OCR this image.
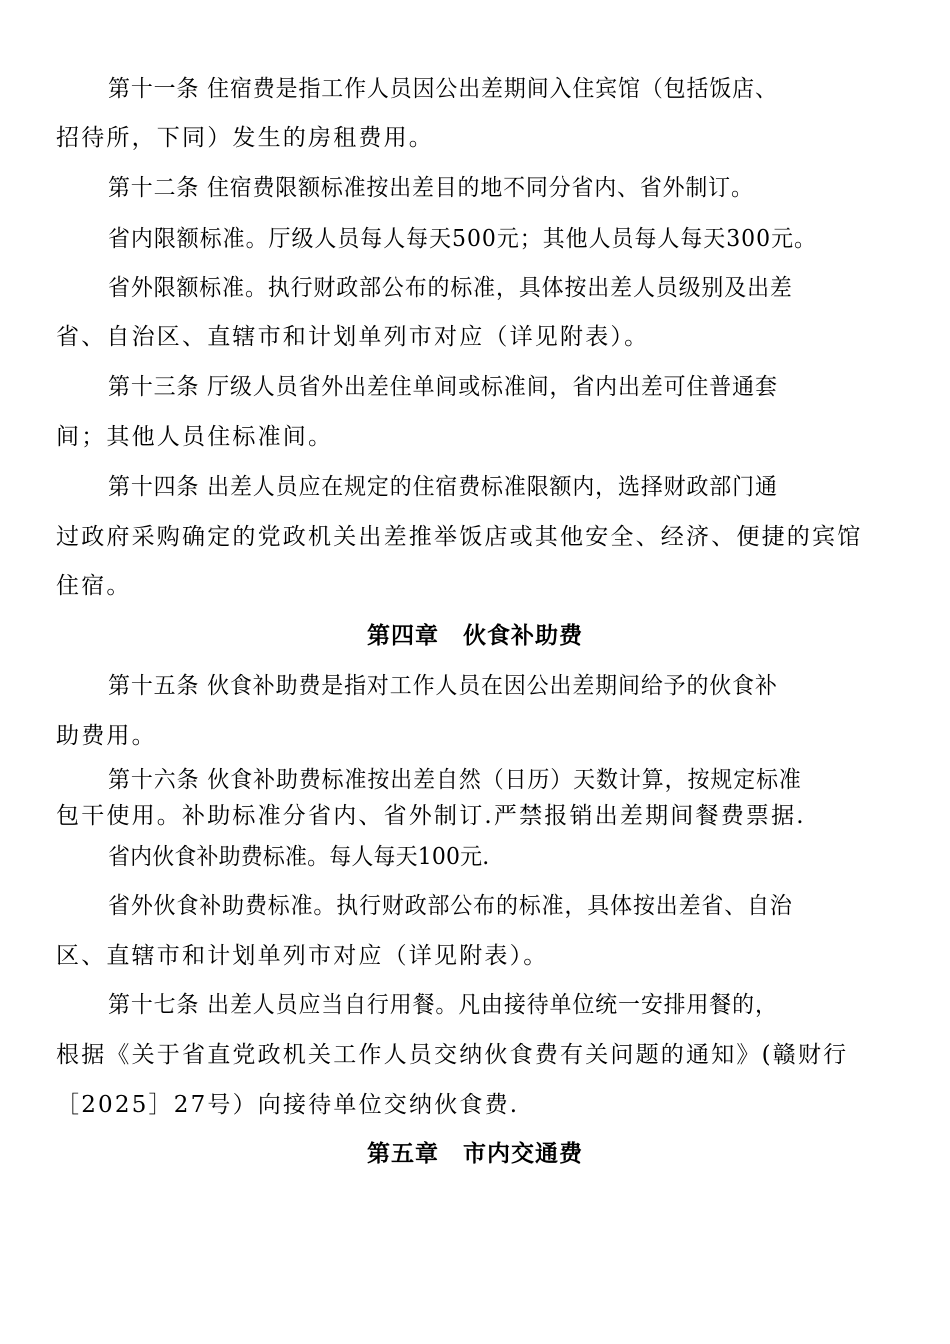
第十一条 住宿费是指工作人员因公出差期间入住宾馆（包括饭店、
招待所，下同）发生的房租费用。
第十二条 住宿费限额标准按出差目的地不同分省内、省外制订。
省内限额标准。厅级人员每人每天500元；其他人员每人每天300元。
省外限额标准。执行财政部公布的标准，具体按出差人员级别及出差
省、自治区、直辖市和计划单列市对应（详见附表）。
第十三条 厅级人员省外出差住单间或标准间，省内出差可住普通套
间；其他人员住标准间。
第十四条 出差人员应在规定的住宿费标准限额内，选择财政部门通
过政府采购确定的党政机关出差推举饭店或其他安全、经济、便捷的宾馆
住宿。
第四章　伙食补助费
第十五条 伙食补助费是指对工作人员在因公出差期间给予的伙食补
助费用。
第十六条 伙食补助费标准按出差自然（日历）天数计算，按规定标准
包干使用。补助标准分省内、省外制订.严禁报销出差期间餐费票据.
省内伙食补助费标准。每人每天100元.
省外伙食补助费标准。执行财政部公布的标准，具体按出差省、自治
区、直辖市和计划单列市对应（详见附表）。
第十七条 出差人员应当自行用餐。凡由接待单位统一安排用餐的，
根据《关于省直党政机关工作人员交纳伙食费有关问题的通知》(赣财行
［2025］27号）向接待单位交纳伙食费.
第五章　市内交通费
